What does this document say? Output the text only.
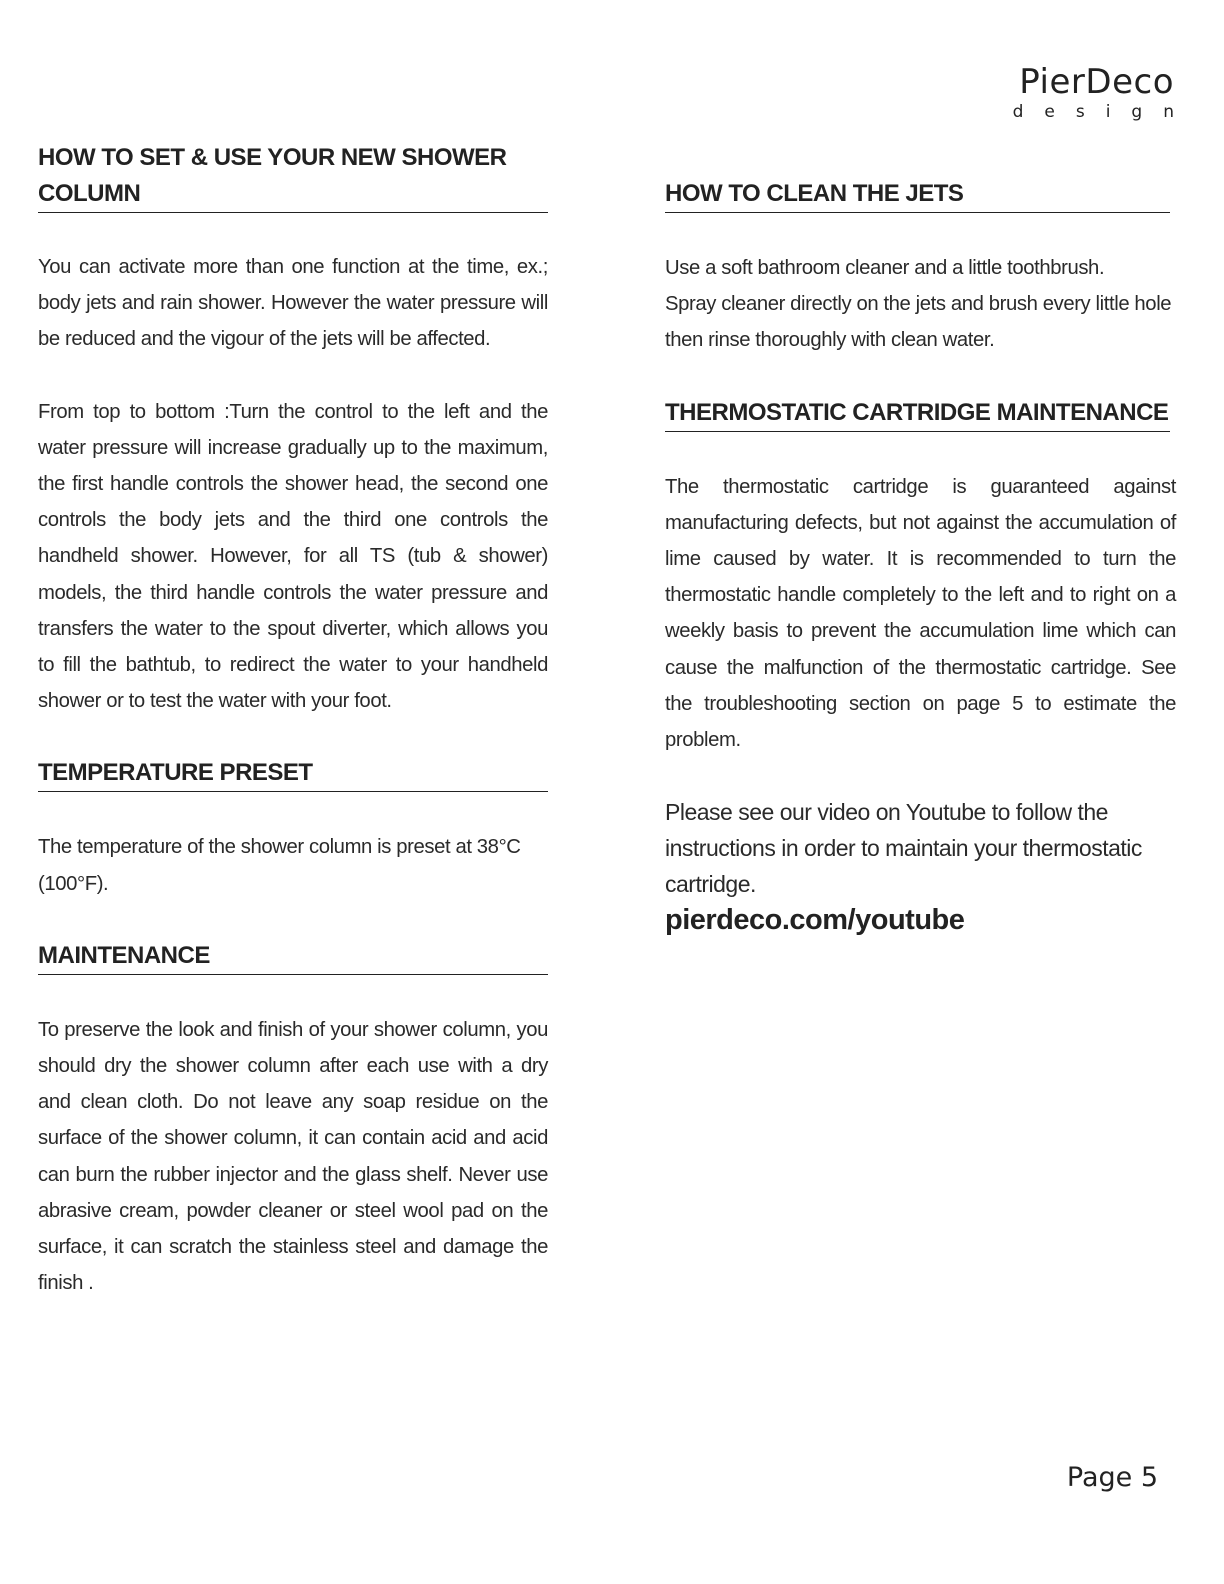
PierDeco
design
HOW TO SET & USE YOUR NEW SHOWER
COLUMN
You can activate more than one function at the time, ex.; body jets and rain shower. However the water pressure will be reduced and the vigour of the jets will be affected.
From top to bottom :Turn the control to the left and the water pressure will increase gradually up to the maximum, the first handle controls the shower head, the second one controls the body jets and the third one controls the handheld shower. However, for all TS (tub & shower) models, the third handle controls the water pressure and transfers the water to the spout diverter, which allows you to fill the bathtub, to redirect the water to your handheld shower or to test the water with your foot.
TEMPERATURE PRESET
The temperature of the shower column is preset at 38°C (100°F).
MAINTENANCE
To preserve the look and finish of your shower column, you should dry the shower column after each use with a dry and clean cloth. Do not leave any soap residue on the surface of the shower column, it can contain acid and acid can burn the rubber injector and the glass shelf. Never use abrasive cream, powder cleaner or steel wool pad on the surface, it can scratch the stainless steel and damage the finish .
HOW TO CLEAN THE JETS
Use a soft bathroom cleaner and a little toothbrush.
Spray cleaner directly on the jets and brush every little hole then rinse thoroughly with clean water.
THERMOSTATIC CARTRIDGE MAINTENANCE
The thermostatic cartridge is guaranteed against manufacturing defects, but not against the accumulation of lime caused by water. It is recommended to turn the thermostatic handle completely to the left and to right on a weekly basis to prevent the accumulation lime which can cause the malfunction of the thermostatic cartridge. See the troubleshooting section on page 5 to estimate the problem.
Please see our video on Youtube to follow the instructions in order to maintain your thermostatic cartridge.
pierdeco.com/youtube
Page 5
